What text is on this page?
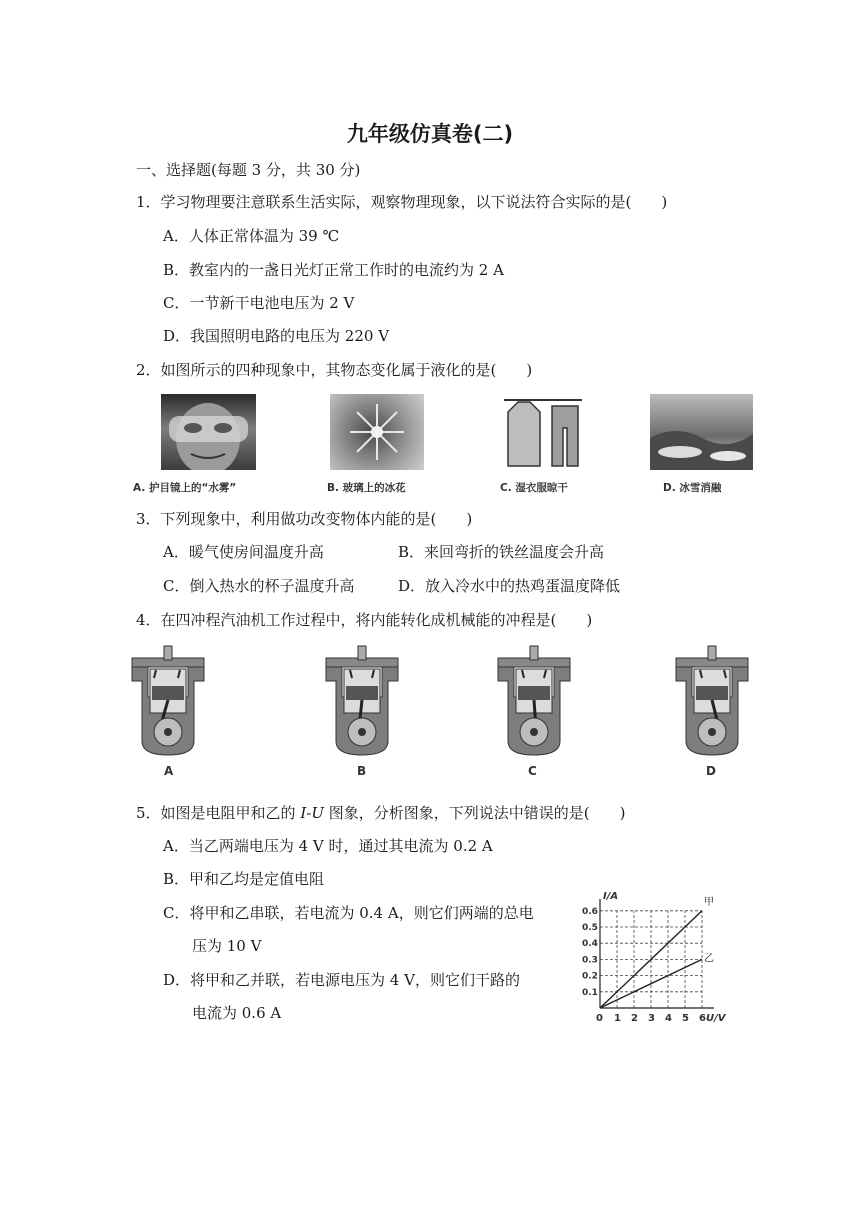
九年级仿真卷(二)
一、选择题(每题 3 分，共 30 分)
1．学习物理要注意联系生活实际，观察物理现象，以下说法符合实际的是(　　)
A．人体正常体温为 39 ℃
B．教室内的一盏日光灯正常工作时的电流约为 2 A
C．一节新干电池电压为 2 V
D．我国照明电路的电压为 220 V
2．如图所示的四种现象中，其物态变化属于液化的是(　　)
A. 护目镜上的“水雾”	B. 玻璃上的冰花	C. 湿衣服晾干	D. 冰雪消融
3．下列现象中，利用做功改变物体内能的是(　　)
A．暖气使房间温度升高	B．来回弯折的铁丝温度会升高
C．倒入热水的杯子温度升高	D．放入冷水中的热鸡蛋温度降低
4．在四冲程汽油机工作过程中，将内能转化成机械能的冲程是(　　)
A	B	C	D
5．如图是电阻甲和乙的 I-U 图象，分析图象，下列说法中错误的是(　　)
A．当乙两端电压为 4 V 时，通过其电流为 0.2 A
B．甲和乙均是定值电阻
C．将甲和乙串联，若电流为 0.4 A，则它们两端的总电
压为 10 V
D．将甲和乙并联，若电源电压为 4 V，则它们干路的
电流为 0.6 A	0 1 2 3 4 5 6
0.1
0.2
0.3
0.4
0.5
0.6
U/V
I/A
甲
乙
